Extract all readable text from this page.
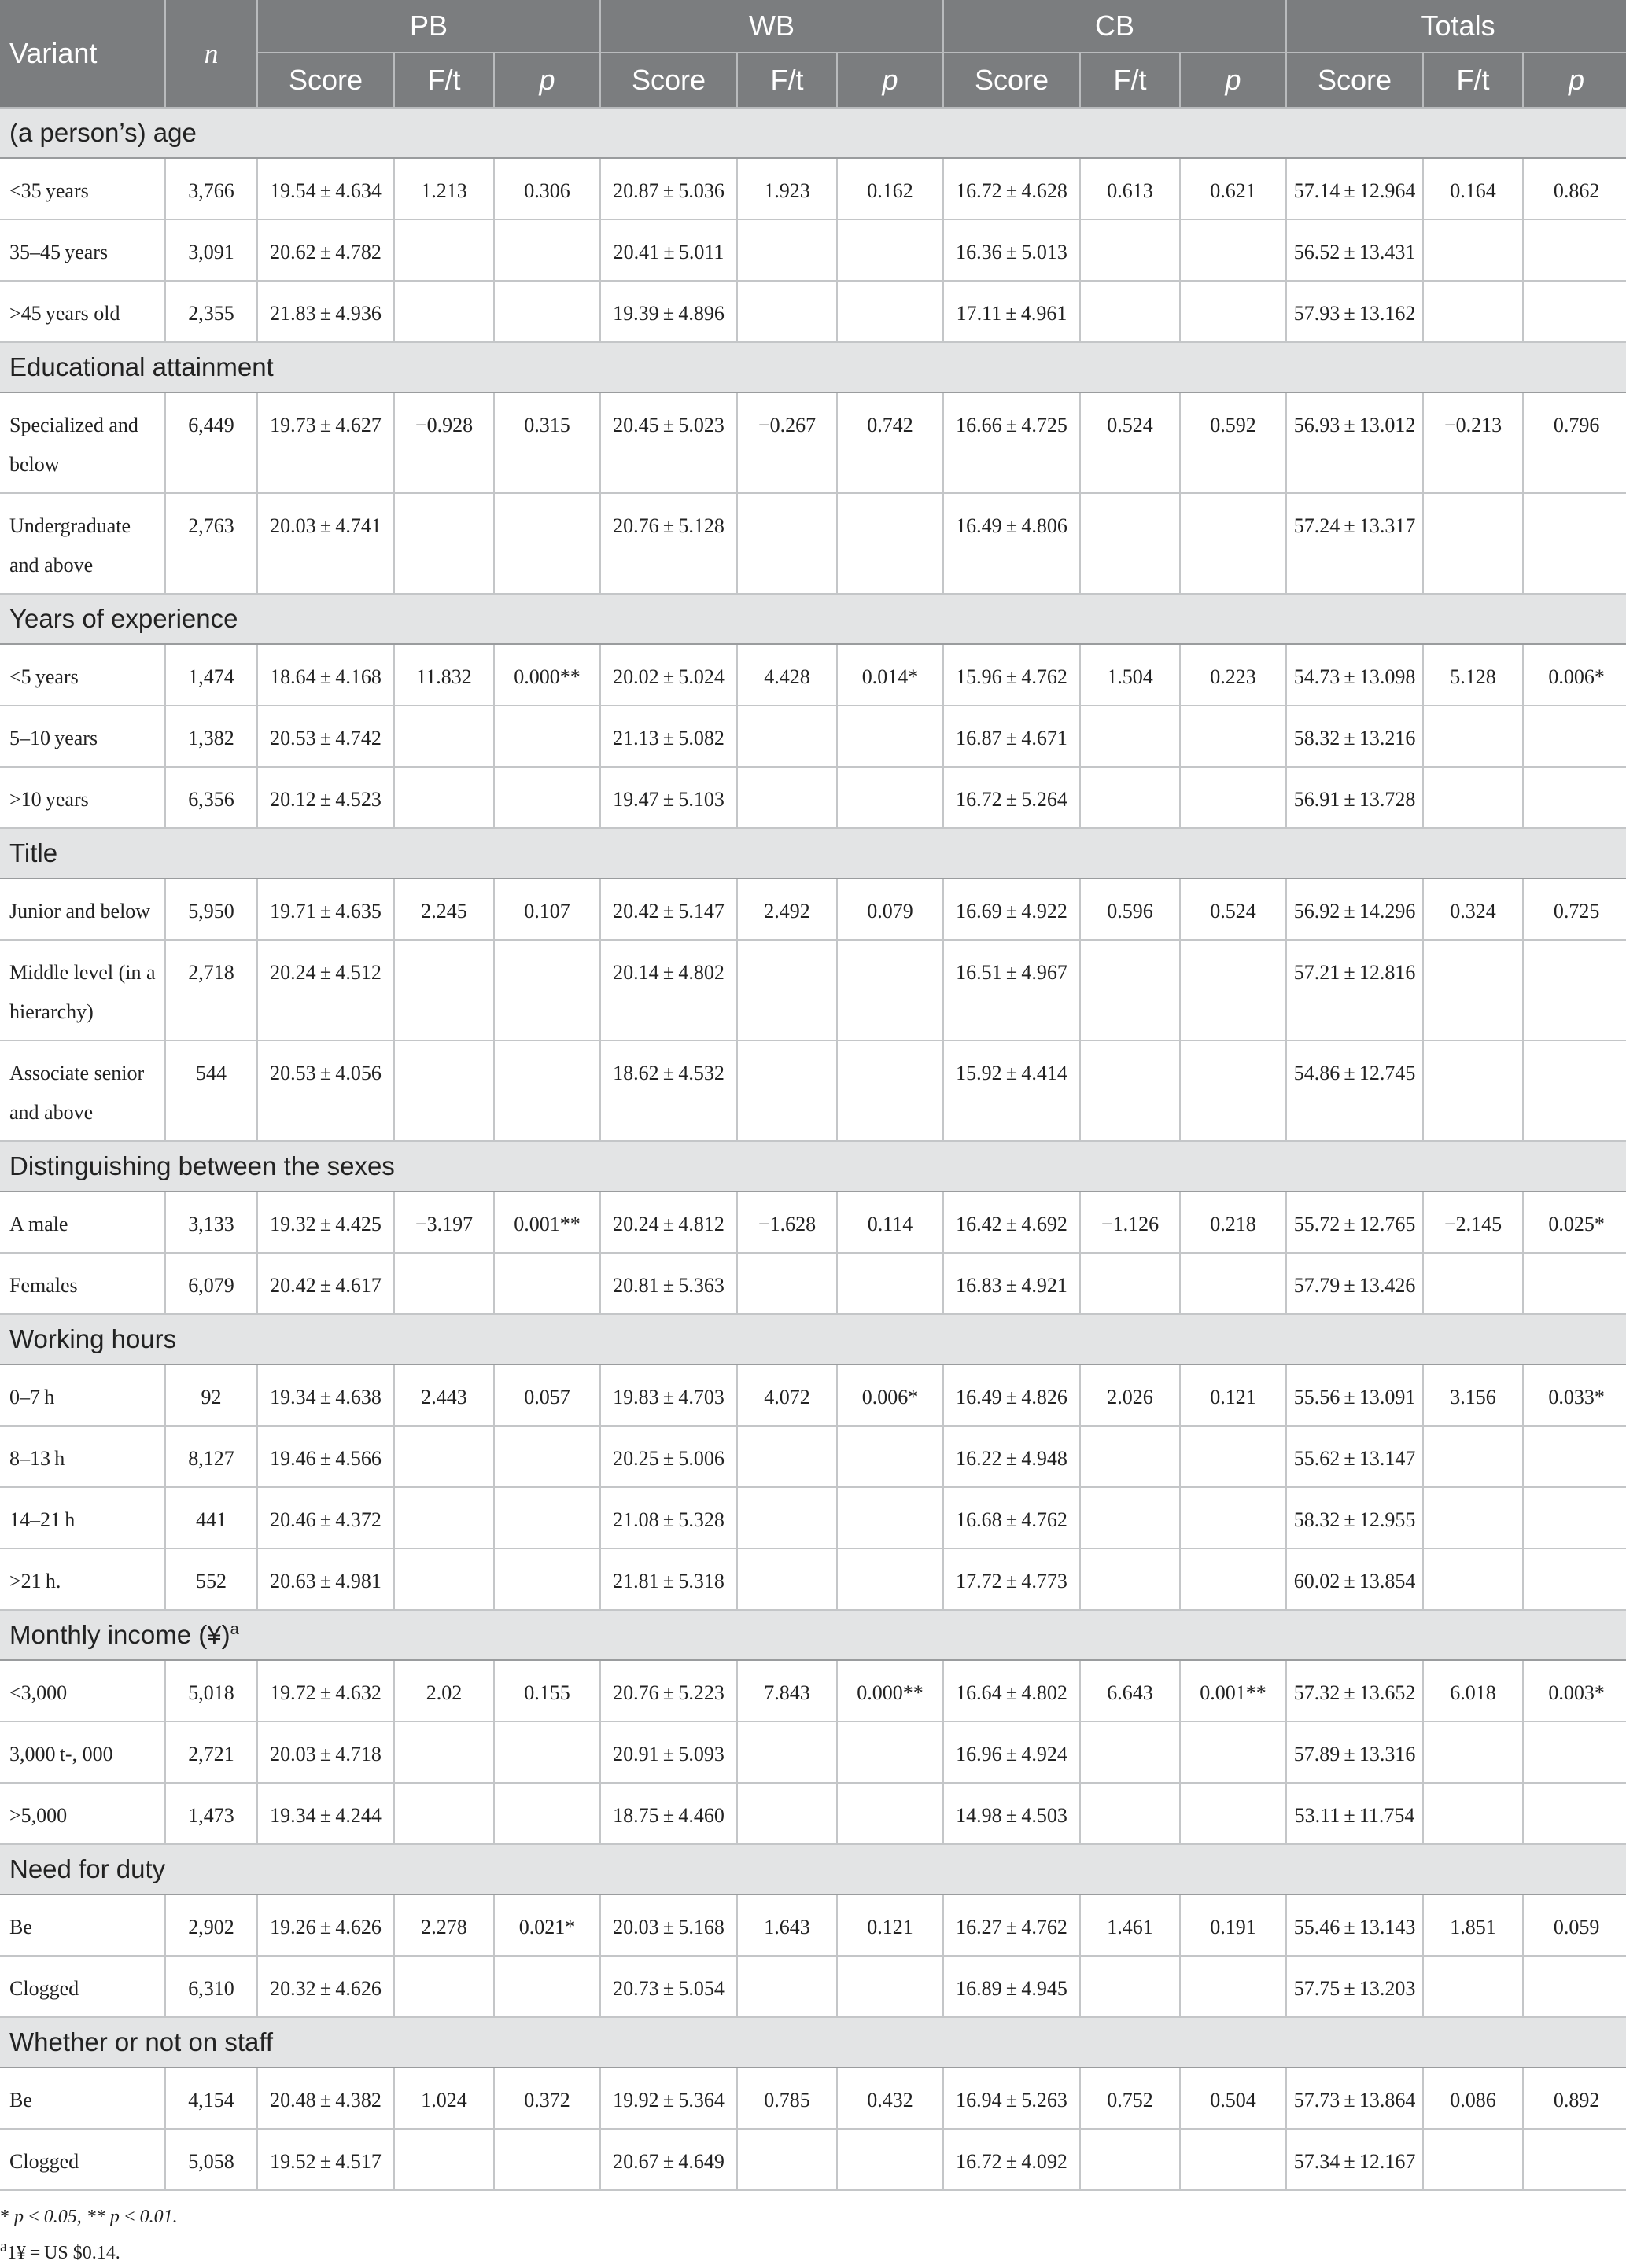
Variant	n	PB			WB			CB			Totals		
		Score	F/t	p	Score	F/t	p	Score	F/t	p	Score	F/t	p
(a person’s) age													
<35 years	3,766	19.54 ± 4.634	1.213	0.306	20.87 ± 5.036	1.923	0.162	16.72 ± 4.628	0.613	0.621	57.14 ± 12.964	0.164	0.862
35–45 years	3,091	20.62 ± 4.782			20.41 ± 5.011			16.36 ± 5.013			56.52 ± 13.431		
>45 years old	2,355	21.83 ± 4.936			19.39 ± 4.896			17.11 ± 4.961			57.93 ± 13.162		
Educational attainment													
Specialized and below	6,449	19.73 ± 4.627	−0.928	0.315	20.45 ± 5.023	−0.267	0.742	16.66 ± 4.725	0.524	0.592	56.93 ± 13.012	−0.213	0.796
Undergraduate and above	2,763	20.03 ± 4.741			20.76 ± 5.128			16.49 ± 4.806			57.24 ± 13.317		
Years of experience													
<5 years	1,474	18.64 ± 4.168	11.832	0.000**	20.02 ± 5.024	4.428	0.014*	15.96 ± 4.762	1.504	0.223	54.73 ± 13.098	5.128	0.006*
5–10 years	1,382	20.53 ± 4.742			21.13 ± 5.082			16.87 ± 4.671			58.32 ± 13.216		
>10 years	6,356	20.12 ± 4.523			19.47 ± 5.103			16.72 ± 5.264			56.91 ± 13.728		
Title													
Junior and below	5,950	19.71 ± 4.635	2.245	0.107	20.42 ± 5.147	2.492	0.079	16.69 ± 4.922	0.596	0.524	56.92 ± 14.296	0.324	0.725
Middle level (in a hierarchy)	2,718	20.24 ± 4.512			20.14 ± 4.802			16.51 ± 4.967			57.21 ± 12.816		
Associate senior and above	544	20.53 ± 4.056			18.62 ± 4.532			15.92 ± 4.414			54.86 ± 12.745		
Distinguishing between the sexes													
A male	3,133	19.32 ± 4.425	−3.197	0.001**	20.24 ± 4.812	−1.628	0.114	16.42 ± 4.692	−1.126	0.218	55.72 ± 12.765	−2.145	0.025*
Females	6,079	20.42 ± 4.617			20.81 ± 5.363			16.83 ± 4.921			57.79 ± 13.426		
Working hours													
0–7 h	92	19.34 ± 4.638	2.443	0.057	19.83 ± 4.703	4.072	0.006*	16.49 ± 4.826	2.026	0.121	55.56 ± 13.091	3.156	0.033*
8–13 h	8,127	19.46 ± 4.566			20.25 ± 5.006			16.22 ± 4.948			55.62 ± 13.147		
14–21 h	441	20.46 ± 4.372			21.08 ± 5.328			16.68 ± 4.762			58.32 ± 12.955		
>21 h.	552	20.63 ± 4.981			21.81 ± 5.318			17.72 ± 4.773			60.02 ± 13.854		
Monthly income (¥)$^a$
<3,000	5,018	19.72 ± 4.632	2.02	0.155	20.76 ± 5.223	7.843	0.000**	16.64 ± 4.802	6.643	0.001**	57.32 ± 13.652	6.018	0.003*
3,000 t-, 000	2,721	20.03 ± 4.718			20.91 ± 5.093			16.96 ± 4.924			57.89 ± 13.316		
>5,000	1,473	19.34 ± 4.244			18.75 ± 4.460			14.98 ± 4.503			53.11 ± 11.754		
Need for duty													
Be	2,902	19.26 ± 4.626	2.278	0.021*	20.03 ± 5.168	1.643	0.121	16.27 ± 4.762	1.461	0.191	55.46 ± 13.143	1.851	0.059
Clogged	6,310	20.32 ± 4.626			20.73 ± 5.054			16.89 ± 4.945			57.75 ± 13.203		
Whether or not on staff													
Be	4,154	20.48 ± 4.382	1.024	0.372	19.92 ± 5.364	0.785	0.432	16.94 ± 5.263	0.752	0.504	57.73 ± 13.864	0.086	0.892
Clogged	5,058	19.52 ± 4.517			20.67 ± 4.649			16.72 ± 4.092			57.34 ± 12.167		
* p < 0.05, ** p < 0.01.
$^a$1¥ = US $0.14.
